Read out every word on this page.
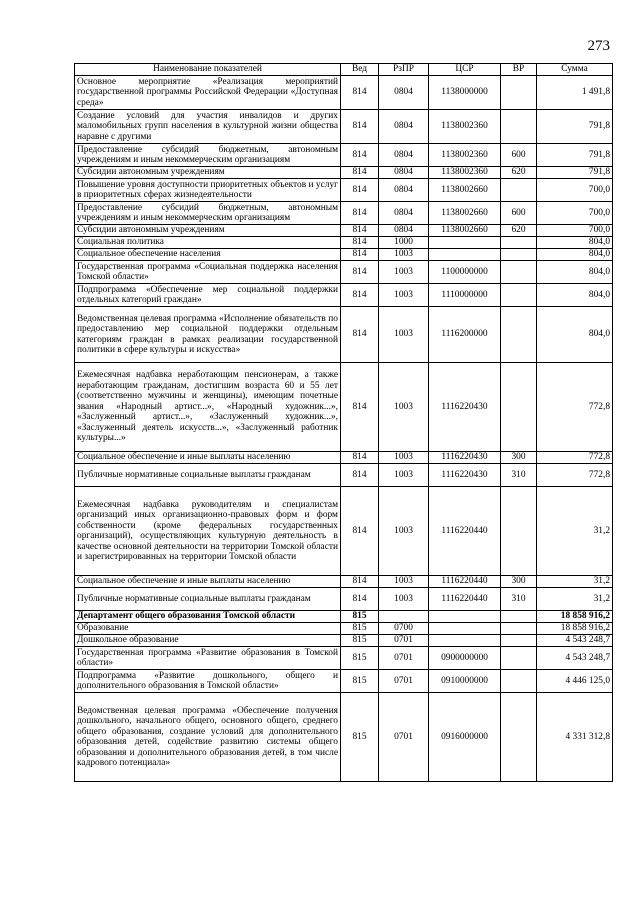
273
Наименование показателей	Вед	РзПР	ЦСР	ВР	Сумма
Основное мероприятие «Реализация мероприятий государственной программы Российской Федерации «Доступная среда»	814	0804	1138000000		1 491,8
Создание условий для участия инвалидов и других маломобильных групп населения в культурной жизни общества наравне с другими	814	0804	1138002360		791,8
Предоставление субсидий бюджетным, автономным учреждениям и иным некоммерческим организациям	814	0804	1138002360	600	791,8
Субсидии автономным учреждениям	814	0804	1138002360	620	791,8
Повышение уровня доступности приоритетных объектов и услуг в приоритетных сферах жизнедеятельности	814	0804	1138002660		700,0
Предоставление субсидий бюджетным, автономным учреждениям и иным некоммерческим организациям	814	0804	1138002660	600	700,0
Субсидии автономным учреждениям	814	0804	1138002660	620	700,0
Социальная политика	814	1000			804,0
Социальное обеспечение населения	814	1003			804,0
Государственная программа «Социальная поддержка населения Томской области»	814	1003	1100000000		804,0
Подпрограмма «Обеспечение мер социальной поддержки отдельных категорий граждан»	814	1003	1110000000		804,0
Ведомственная целевая программа «Исполнение обязательств по предоставлению мер социальной поддержки отдельным категориям граждан в рамках реализации государственной политики в сфере культуры и искусства»	814	1003	1116200000		804,0
Ежемесячная надбавка неработающим пенсионерам, а также неработающим гражданам, достигшим возраста 60 и 55 лет (соответственно мужчины и женщины), имеющим почетные звания «Народный артист...», «Народный художник...», «Заслуженный артист...», «Заслуженный художник...», «Заслуженный деятель искусств...», «Заслуженный работник культуры...»	814	1003	1116220430		772,8
Социальное обеспечение и иные выплаты населению	814	1003	1116220430	300	772,8
Публичные нормативные социальные выплаты гражданам	814	1003	1116220430	310	772,8
Ежемесячная надбавка руководителям и специалистам организаций иных организационно-правовых форм и форм собственности (кроме федеральных государственных организаций), осуществляющих культурную деятельность в качестве основной деятельности на территории Томской области и зарегистрированных на территории Томской области	814	1003	1116220440		31,2
Социальное обеспечение и иные выплаты населению	814	1003	1116220440	300	31,2
Публичные нормативные социальные выплаты гражданам	814	1003	1116220440	310	31,2
Департамент общего образования Томской области	815				18 858 916,2
Образование	815	0700			18 858 916,2
Дошкольное образование	815	0701			4 543 248,7
Государственная программа «Развитие образования в Томской области»	815	0701	0900000000		4 543 248,7
Подпрограмма «Развитие дошкольного, общего и дополнительного образования в Томской области»	815	0701	0910000000		4 446 125,0
Ведомственная целевая программа «Обеспечение получения дошкольного, начального общего, основного общего, среднего общего образования, создание условий для дополнительного образования детей, содействие развитию системы общего образования и дополнительного образования детей, в том числе кадрового потенциала»	815	0701	0916000000		4 331 312,8
